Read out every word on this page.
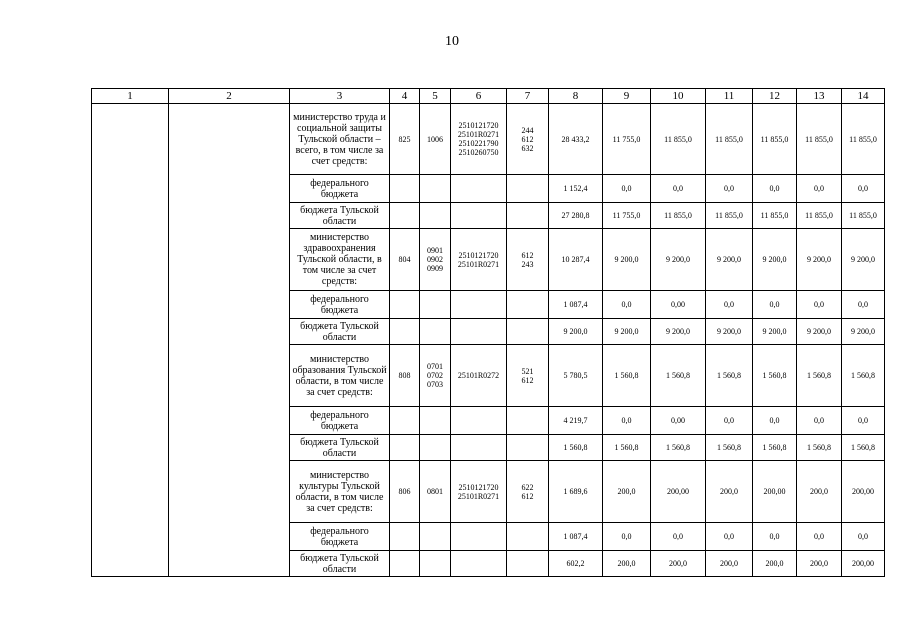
10
1	2	3	4	5	6	7	8	9	10	11	12	13	14
		министерство труда и социальной защиты Тульской области – всего, в том числе за счет средств:	825	1006	2510121720
25101R0271
2510221790
2510260750	244
612
632	28 433,2	11 755,0	11 855,0	11 855,0	11 855,0	11 855,0	11 855,0
		федерального бюджета					1 152,4	0,0	0,0	0,0	0,0	0,0	0,0
		бюджета Тульской области					27 280,8	11 755,0	11 855,0	11 855,0	11 855,0	11 855,0	11 855,0
		министерство здравоохранения Тульской области, в том числе за счет средств:	804	0901
0902
0909	2510121720
25101R0271	612
243	10 287,4	9 200,0	9 200,0	9 200,0	9 200,0	9 200,0	9 200,0
		федерального бюджета					1 087,4	0,0	0,00	0,0	0,0	0,0	0,0
		бюджета Тульской области					9 200,0	9 200,0	9 200,0	9 200,0	9 200,0	9 200,0	9 200,0
		министерство образования Тульской области, в том числе за счет средств:	808	0701
0702
0703	25101R0272	521
612	5 780,5	1 560,8	1 560,8	1 560,8	1 560,8	1 560,8	1 560,8
		федерального бюджета					4 219,7	0,0	0,00	0,0	0,0	0,0	0,0
		бюджета Тульской области					1 560,8	1 560,8	1 560,8	1 560,8	1 560,8	1 560,8	1 560,8
		министерство культуры Тульской области, в том числе за счет средств:	806	0801	2510121720
25101R0271	622
612	1 689,6	200,0	200,00	200,0	200,00	200,0	200,00
		федерального бюджета					1 087,4	0,0	0,0	0,0	0,0	0,0	0,0
		бюджета Тульской области					602,2	200,0	200,0	200,0	200,0	200,0	200,00
